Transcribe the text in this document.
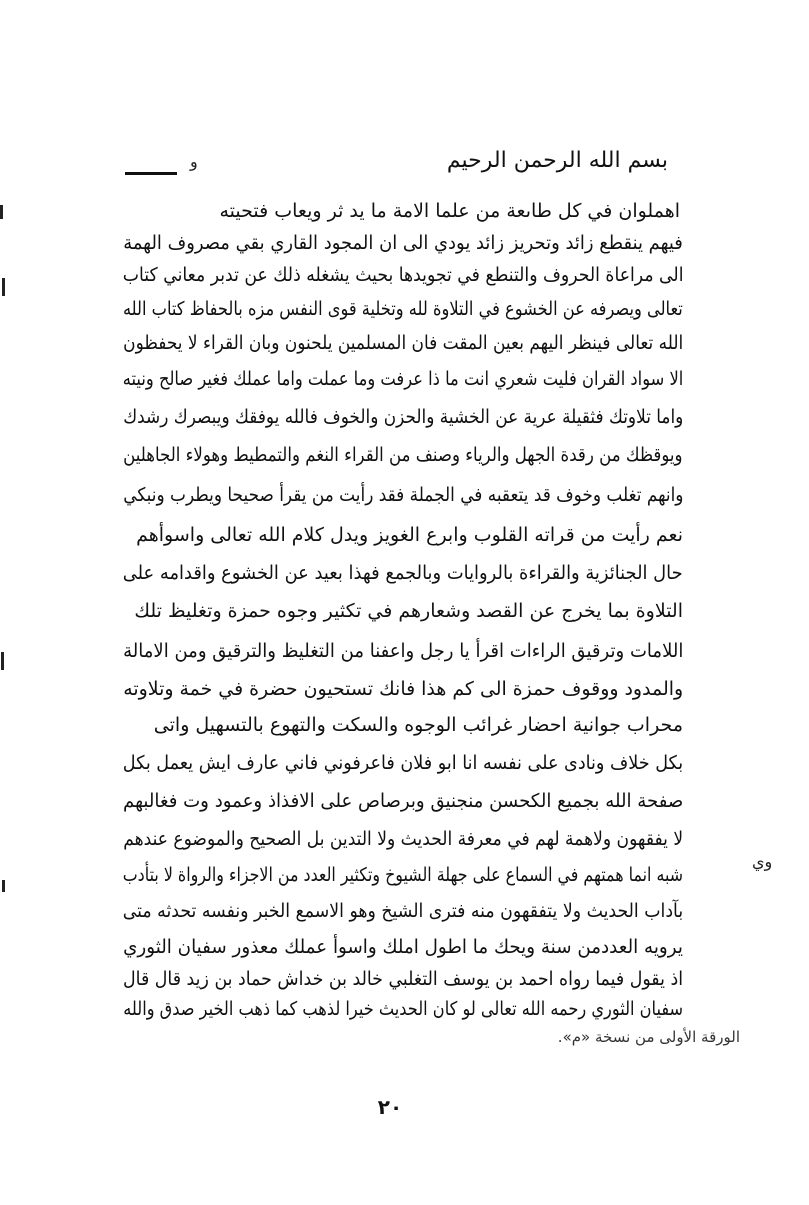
بسم الله الرحمن الرحيم
اهملوان في كل طاىعة من علما الامة ما يد ثر ويعاب فتحيته
فيهم ينقطع زائد وتحريز زائد يودي الى ان المجود القاري بقي مصروف الهمة
الى مراعاة الحروف والتنطع في تجويدها بحيث يشغله ذلك عن تدبر معاني كتاب
تعالى ويصرفه عن الخشوع في التلاوة لله وتخلية قوى النفس مزه بالحفاظ كتاب الله
الله تعالى فينظر اليهم بعين المقت فان المسلمين يلحنون وبان القراء لا يحفظون
الا سواد القران فليت شعري انت ما ذا عرفت وما عملت واما عملك فغير صالح ونيته
واما تلاوتك فثقيلة عرية عن الخشية والحزن والخوف فالله يوفقك ويبصرك رشدك
ويوقظك من رقدة الجهل والرياء وصنف من القراء النغم والتمطيط وهولاء الجاهلين
وانهم تغلب وخوف قد يتعقبه في الجملة فقد رأيت من يقرأ صحيحا ويطرب ونبكي
نعم رأيت من قراته القلوب وابرع الغويز ويدل كلام الله تعالى واسوأهم
حال الجنائزية والقراءة بالروايات وبالجمع فهذا بعيد عن الخشوع واقدامه على
التلاوة بما يخرج عن القصد وشعارهم في تكثير وجوه حمزة وتغليظ تلك
اللامات وترقيق الراءات اقرأ يا رجل واعفنا من التغليظ والترقيق ومن الامالة
والمدود ووقوف حمزة الى كم هذا فانك تستحيون حضرة في خمة وتلاوته
محراب جوانية احضار غرائب الوجوه والسكت والتهوع بالتسهيل واتى
بكل خلاف ونادى على نفسه انا ابو فلان فاعرفوني فاني عارف ايش يعمل بكل
صفحة الله بجميع الكحسن منجنيق وبرصاص على الافذاذ وعمود وت فغالبهم
لا يفقهون ولاهمة لهم في معرفة الحديث ولا التدين بل الصحيح والموضوع عندهم
شبه انما همتهم في السماع على جهلة الشيوخ وتكثير العدد من الاجزاء والرواة لا بتأدب
بآداب الحديث ولا يتفقهون منه فترى الشيخ وهو الاسمع الخبر ونفسه تحدثه متى
يرويه العددمن سنة ويحك ما اطول املك واسوأ عملك معذور سفيان الثوري
اذ يقول فيما رواه احمد بن يوسف التغلبي خالد بن خداش حماد بن زيد قال قال
سفيان الثوري رحمه الله تعالى لو كان الحديث خيرا لذهب كما ذهب الخير صدق والله
و
وي
الورقة الأولى من نسخة «م».
٢٠
